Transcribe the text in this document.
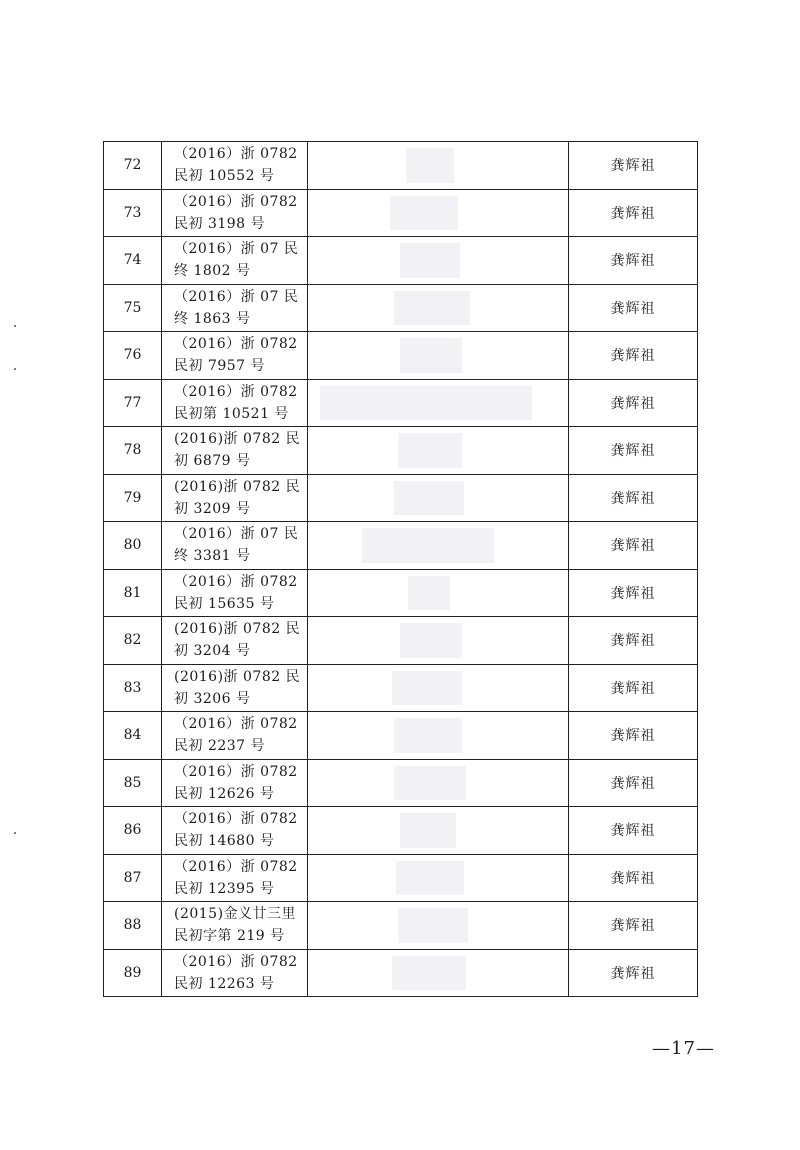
72	（2016）浙 0782
民初 10552 号		龚辉祖
73	（2016）浙 0782
民初 3198 号		龚辉祖
74	（2016）浙 07 民
终 1802 号		龚辉祖
75	（2016）浙 07 民
终 1863 号		龚辉祖
76	（2016）浙 0782
民初 7957 号		龚辉祖
77	（2016）浙 0782
民初第 10521 号		龚辉祖
78	(2016)浙 0782 民
初 6879 号		龚辉祖
79	(2016)浙 0782 民
初 3209 号		龚辉祖
80	（2016）浙 07 民
终 3381 号		龚辉祖
81	（2016）浙 0782
民初 15635 号		龚辉祖
82	(2016)浙 0782 民
初 3204 号		龚辉祖
83	(2016)浙 0782 民
初 3206 号		龚辉祖
84	（2016）浙 0782
民初 2237 号		龚辉祖
85	（2016）浙 0782
民初 12626 号		龚辉祖
86	（2016）浙 0782
民初 14680 号		龚辉祖
87	（2016）浙 0782
民初 12395 号		龚辉祖
88	(2015)金义廿三里
民初字第 219 号		龚辉祖
89	（2016）浙 0782
民初 12263 号		龚辉祖
—17—
